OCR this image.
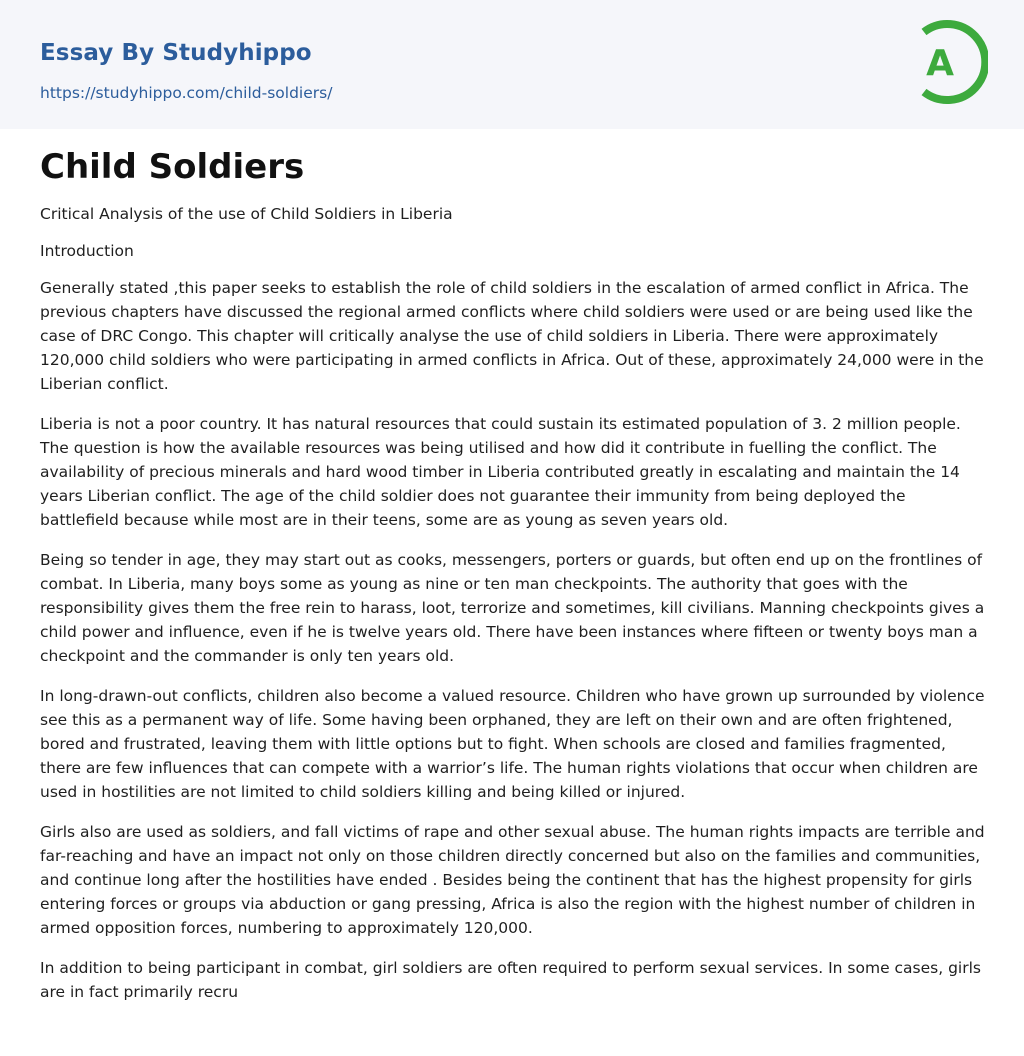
Essay By Studyhippo
https://studyhippo.com/child-soldiers/
A
Child Soldiers
Critical Analysis of the use of Child Soldiers in Liberia
Introduction

Generally stated ,this paper seeks to establish the role of child soldiers in the escalation of armed conflict in Africa. The previous chapters have discussed the regional armed conflicts where child soldiers were used or are being used like the case of DRC Congo. This chapter will critically analyse the use of child soldiers in Liberia. There were approximately 120,000 child soldiers who were participating in armed conflicts in Africa. Out of these, approximately 24,000 were in the Liberian conflict.

Liberia is not a poor country. It has natural resources that could sustain its estimated population of 3. 2 million people. The question is how the available resources was being utilised and how did it contribute in fuelling the conflict. The availability of precious minerals and hard wood timber in Liberia contributed greatly in escalating and maintain the 14 years Liberian conflict. The age of the child soldier does not guarantee their immunity from being deployed the battlefield because while most are in their teens, some are as young as seven years old.

Being so tender in age, they may start out as cooks, messengers, porters or guards, but often end up on the frontlines of combat. In Liberia, many boys some as young as nine or ten man checkpoints. The authority that goes with the responsibility gives them the free rein to harass, loot, terrorize and sometimes, kill civilians. Manning checkpoints gives a child power and influence, even if he is twelve years old. There have been instances where fifteen or twenty boys man a checkpoint and the commander is only ten years old.

In long-drawn-out conflicts, children also become a valued resource. Children who have grown up surrounded by violence see this as a permanent way of life. Some having been orphaned, they are left on their own and are often frightened, bored and frustrated, leaving them with little options but to fight. When schools are closed and families fragmented, there are few influences that can compete with a warrior’s life. The human rights violations that occur when children are used in hostilities are not limited to child soldiers killing and being killed or injured.

Girls also are used as soldiers, and fall victims of rape and other sexual abuse. The human rights impacts are terrible and far-reaching and have an impact not only on those children directly concerned but also on the families and communities, and continue long after the hostilities have ended . Besides being the continent that has the highest propensity for girls entering forces or groups via abduction or gang pressing, Africa is also the region with the highest number of children in armed opposition forces, numbering to approximately 120,000.

In addition to being participant in combat, girl soldiers are often required to perform sexual services. In some cases, girls are in fact primarily recru
